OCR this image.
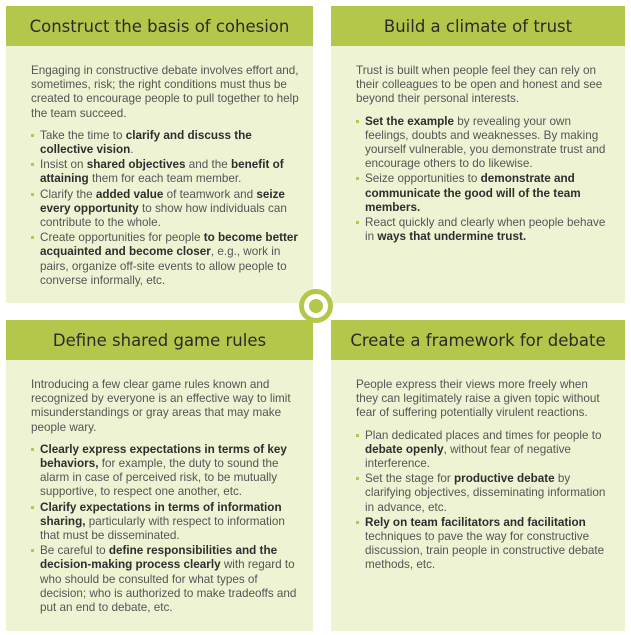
Construct the basis of cohesion

Engaging in constructive debate involves effort and, sometimes, risk; the right conditions must thus be created to encourage people to pull together to help the team succeed.

Take the time to clarify and discuss the collective vision.
Insist on shared objectives and the benefit of attaining them for each team member.
Clarify the added value of teamwork and seize every opportunity to show how individuals can contribute to the whole.
Create opportunities for people to become better acquainted and become closer, e.g., work in pairs, organize off-site events to allow people to converse informally, etc.
Build a climate of trust

Trust is built when people feel they can rely on their colleagues to be open and honest and see beyond their personal interests.

Set the example by revealing your own feelings, doubts and weaknesses. By making yourself vulnerable, you demonstrate trust and encourage others to do likewise.
Seize opportunities to demonstrate and communicate the good will of the team members.
React quickly and clearly when people behave in ways that undermine trust.
Define shared game rules

Introducing a few clear game rules known and recognized by everyone is an effective way to limit misunderstandings or gray areas that may make people wary.

Clearly express expectations in terms of key behaviors, for example, the duty to sound the alarm in case of perceived risk, to be mutually supportive, to respect one another, etc.
Clarify expectations in terms of information sharing, particularly with respect to information that must be disseminated.
Be careful to define responsibilities and the decision-making process clearly with regard to who should be consulted for what types of decision; who is authorized to make tradeoffs and put an end to debate, etc.
Create a framework for debate

People express their views more freely when they can legitimately raise a given topic without fear of suffering potentially virulent reactions.

Plan dedicated places and times for people to debate openly, without fear of negative interference.
Set the stage for productive debate by clarifying objectives, disseminating information in advance, etc.
Rely on team facilitators and facilitation techniques to pave the way for constructive discussion, train people in constructive debate methods, etc.
